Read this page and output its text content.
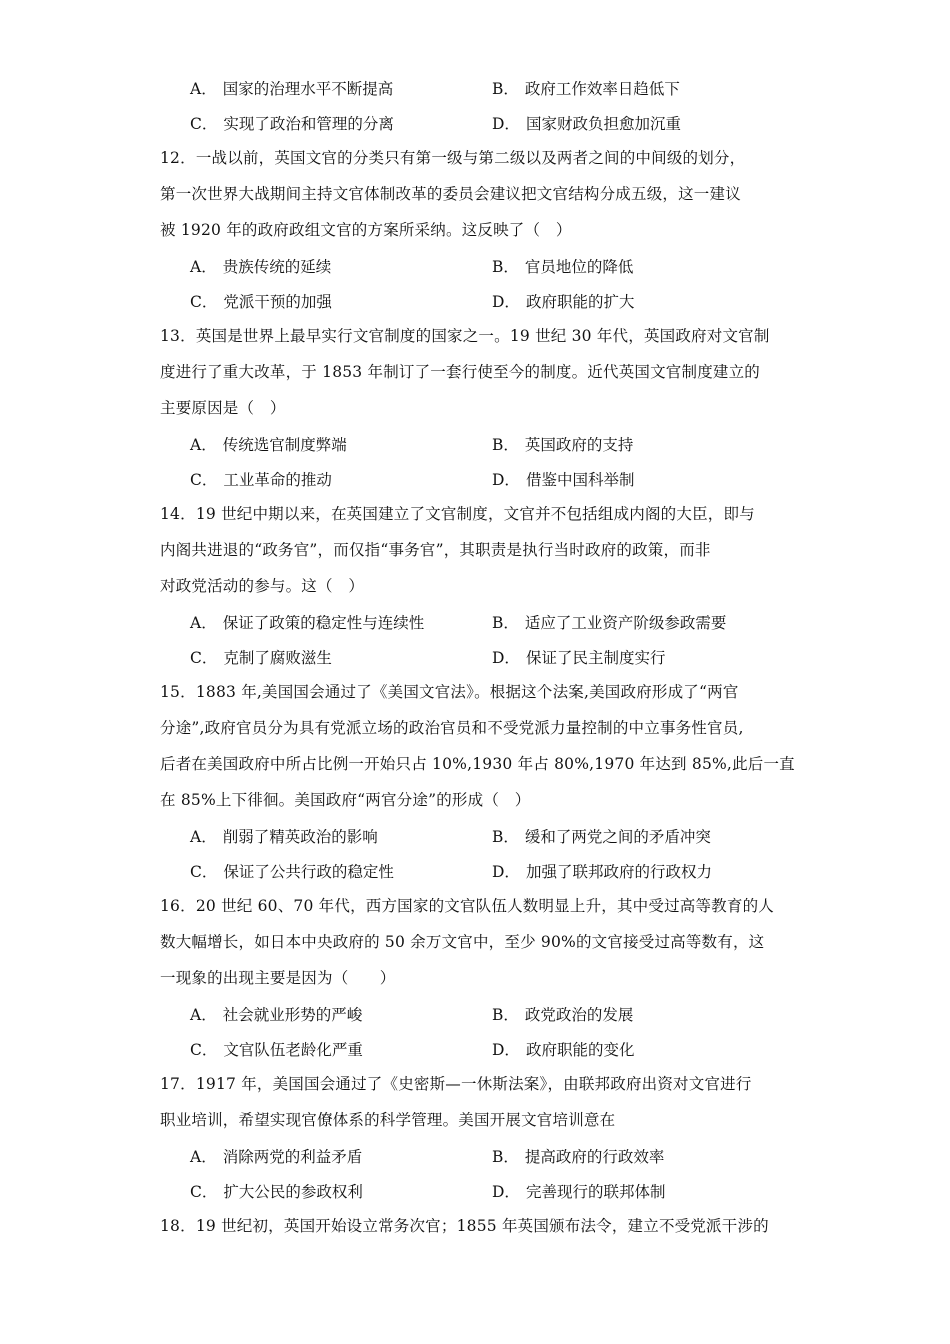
A． 国家的治理水平不断提高	B． 政府工作效率日趋低下
C． 实现了政治和管理的分离	D． 国家财政负担愈加沉重

12．一战以前，英国文官的分类只有第一级与第二级以及两者之间的中间级的划分，

第一次世界大战期间主持文官体制改革的委员会建议把文官结构分成五级，这一建议

被 1920 年的政府政组文官的方案所采纳。这反映了（　）

A． 贵族传统的延续	B． 官员地位的降低
C． 党派干预的加强	D． 政府职能的扩大

13．英国是世界上最早实行文官制度的国家之一。19 世纪 30 年代，英国政府对文官制

度进行了重大改革，于 1853 年制订了一套行使至今的制度。近代英国文官制度建立的

主要原因是（　）

A． 传统选官制度弊端	B． 英国政府的支持
C． 工业革命的推动	D． 借鉴中国科举制

14．19 世纪中期以来，在英国建立了文官制度，文官并不包括组成内阁的大臣，即与

内阁共进退的“政务官”，而仅指“事务官”，其职责是执行当时政府的政策，而非

对政党活动的参与。这（　）

A． 保证了政策的稳定性与连续性	B． 适应了工业资产阶级参政需要
C． 克制了腐败滋生	D． 保证了民主制度实行

15．1883 年,美国国会通过了《美国文官法》。根据这个法案,美国政府形成了“两官

分途”,政府官员分为具有党派立场的政治官员和不受党派力量控制的中立事务性官员,

后者在美国政府中所占比例一开始只占 10%,1930 年占 80%,1970 年达到 85%,此后一直

在 85%上下徘徊。美国政府“两官分途”的形成（　）

A． 削弱了精英政治的影响	B． 缓和了两党之间的矛盾冲突
C． 保证了公共行政的稳定性	D． 加强了联邦政府的行政权力

16．20 世纪 60、70 年代，西方国家的文官队伍人数明显上升，其中受过高等教育的人

数大幅增长，如日本中央政府的 50 余万文官中，至少 90%的文官接受过高等数有，这

一现象的出现主要是因为（　　）

A． 社会就业形势的严峻	B． 政党政治的发展
C． 文官队伍老龄化严重	D． 政府职能的变化

17．1917 年，美国国会通过了《史密斯—一休斯法案》，由联邦政府出资对文官进行

职业培训，希望实现官僚体系的科学管理。美国开展文官培训意在

A． 消除两党的利益矛盾	B． 提高政府的行政效率
C． 扩大公民的参政权利	D． 完善现行的联邦体制

18．19 世纪初，英国开始设立常务次官；1855 年英国颁布法令，建立不受党派干涉的
